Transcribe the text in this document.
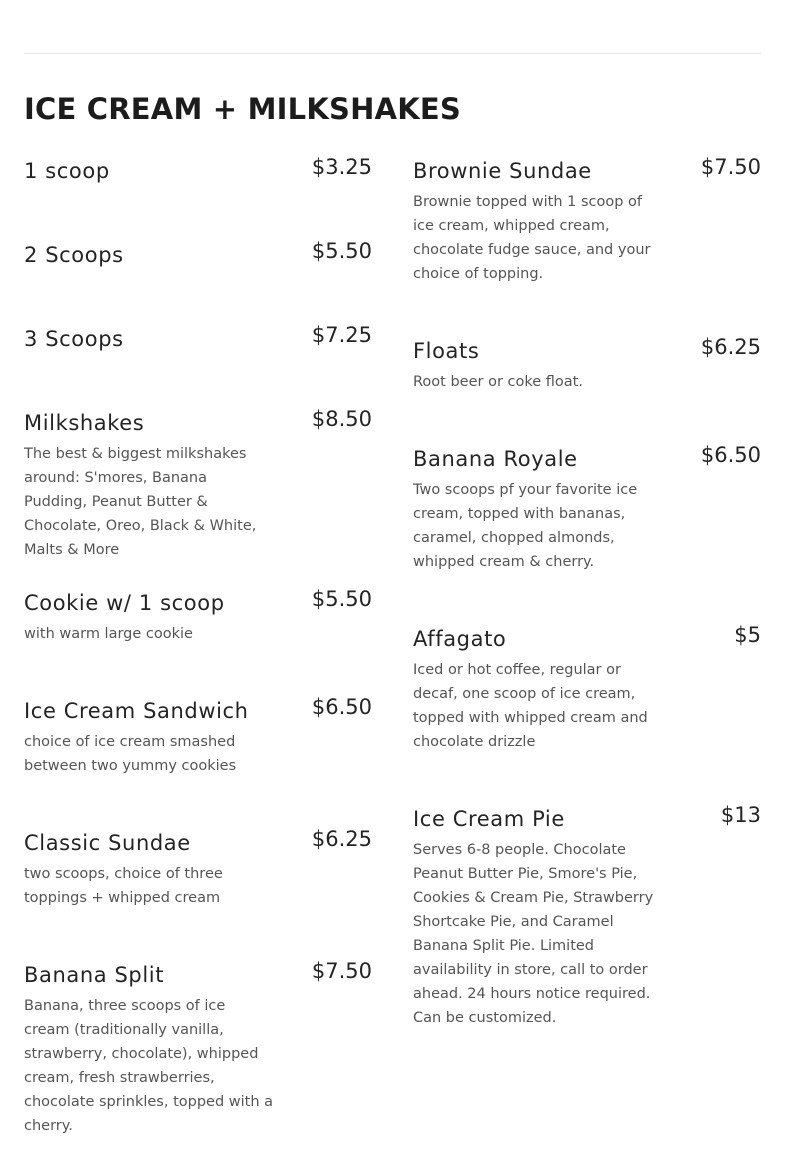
ICE CREAM + MILKSHAKES
1 scoop	$3.25
2 Scoops	$5.50
3 Scoops	$7.25
Milkshakes	$8.50
The best & biggest milkshakes around: S'mores, Banana Pudding, Peanut Butter & Chocolate, Oreo, Black & White, Malts & More
Cookie w/ 1 scoop	$5.50
with warm large cookie
Ice Cream Sandwich	$6.50
choice of ice cream smashed between two yummy cookies
Classic Sundae	$6.25
two scoops, choice of three toppings + whipped cream
Banana Split	$7.50
Banana, three scoops of ice cream (traditionally vanilla, strawberry, chocolate), whipped cream, fresh strawberries, chocolate sprinkles, topped with a cherry.
Brownie Sundae	$7.50
Brownie topped with 1 scoop of ice cream, whipped cream, chocolate fudge sauce, and your choice of topping.
Floats	$6.25
Root beer or coke float.
Banana Royale	$6.50
Two scoops pf your favorite ice cream, topped with bananas, caramel, chopped almonds, whipped cream & cherry.
Affagato	$5
Iced or hot coffee, regular or decaf, one scoop of ice cream, topped with whipped cream and chocolate drizzle
Ice Cream Pie	$13
Serves 6-8 people. Chocolate Peanut Butter Pie, Smore's Pie, Cookies & Cream Pie, Strawberry Shortcake Pie, and Caramel Banana Split Pie. Limited availability in store, call to order ahead. 24 hours notice required. Can be customized.
